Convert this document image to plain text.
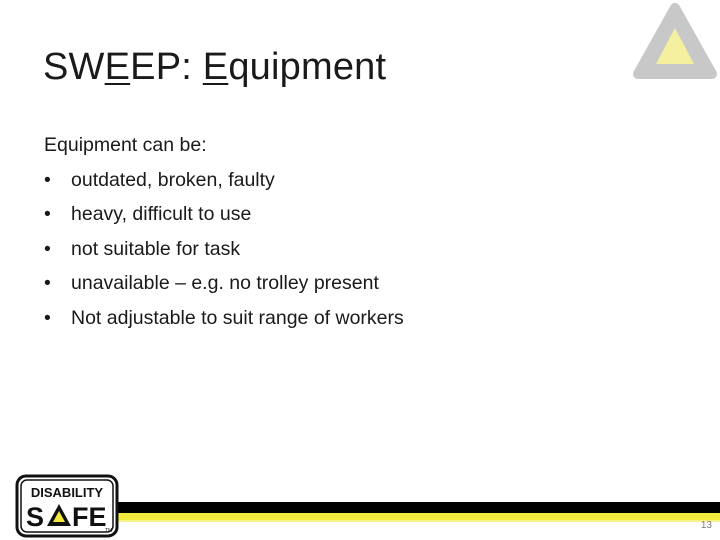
SWEEP: Equipment

Equipment can be:

• outdated, broken, faulty
• heavy, difficult to use
• not suitable for task
• unavailable – e.g. no trolley present
• Not adjustable to suit range of workers
DISABILITY
S FE
TM	13
